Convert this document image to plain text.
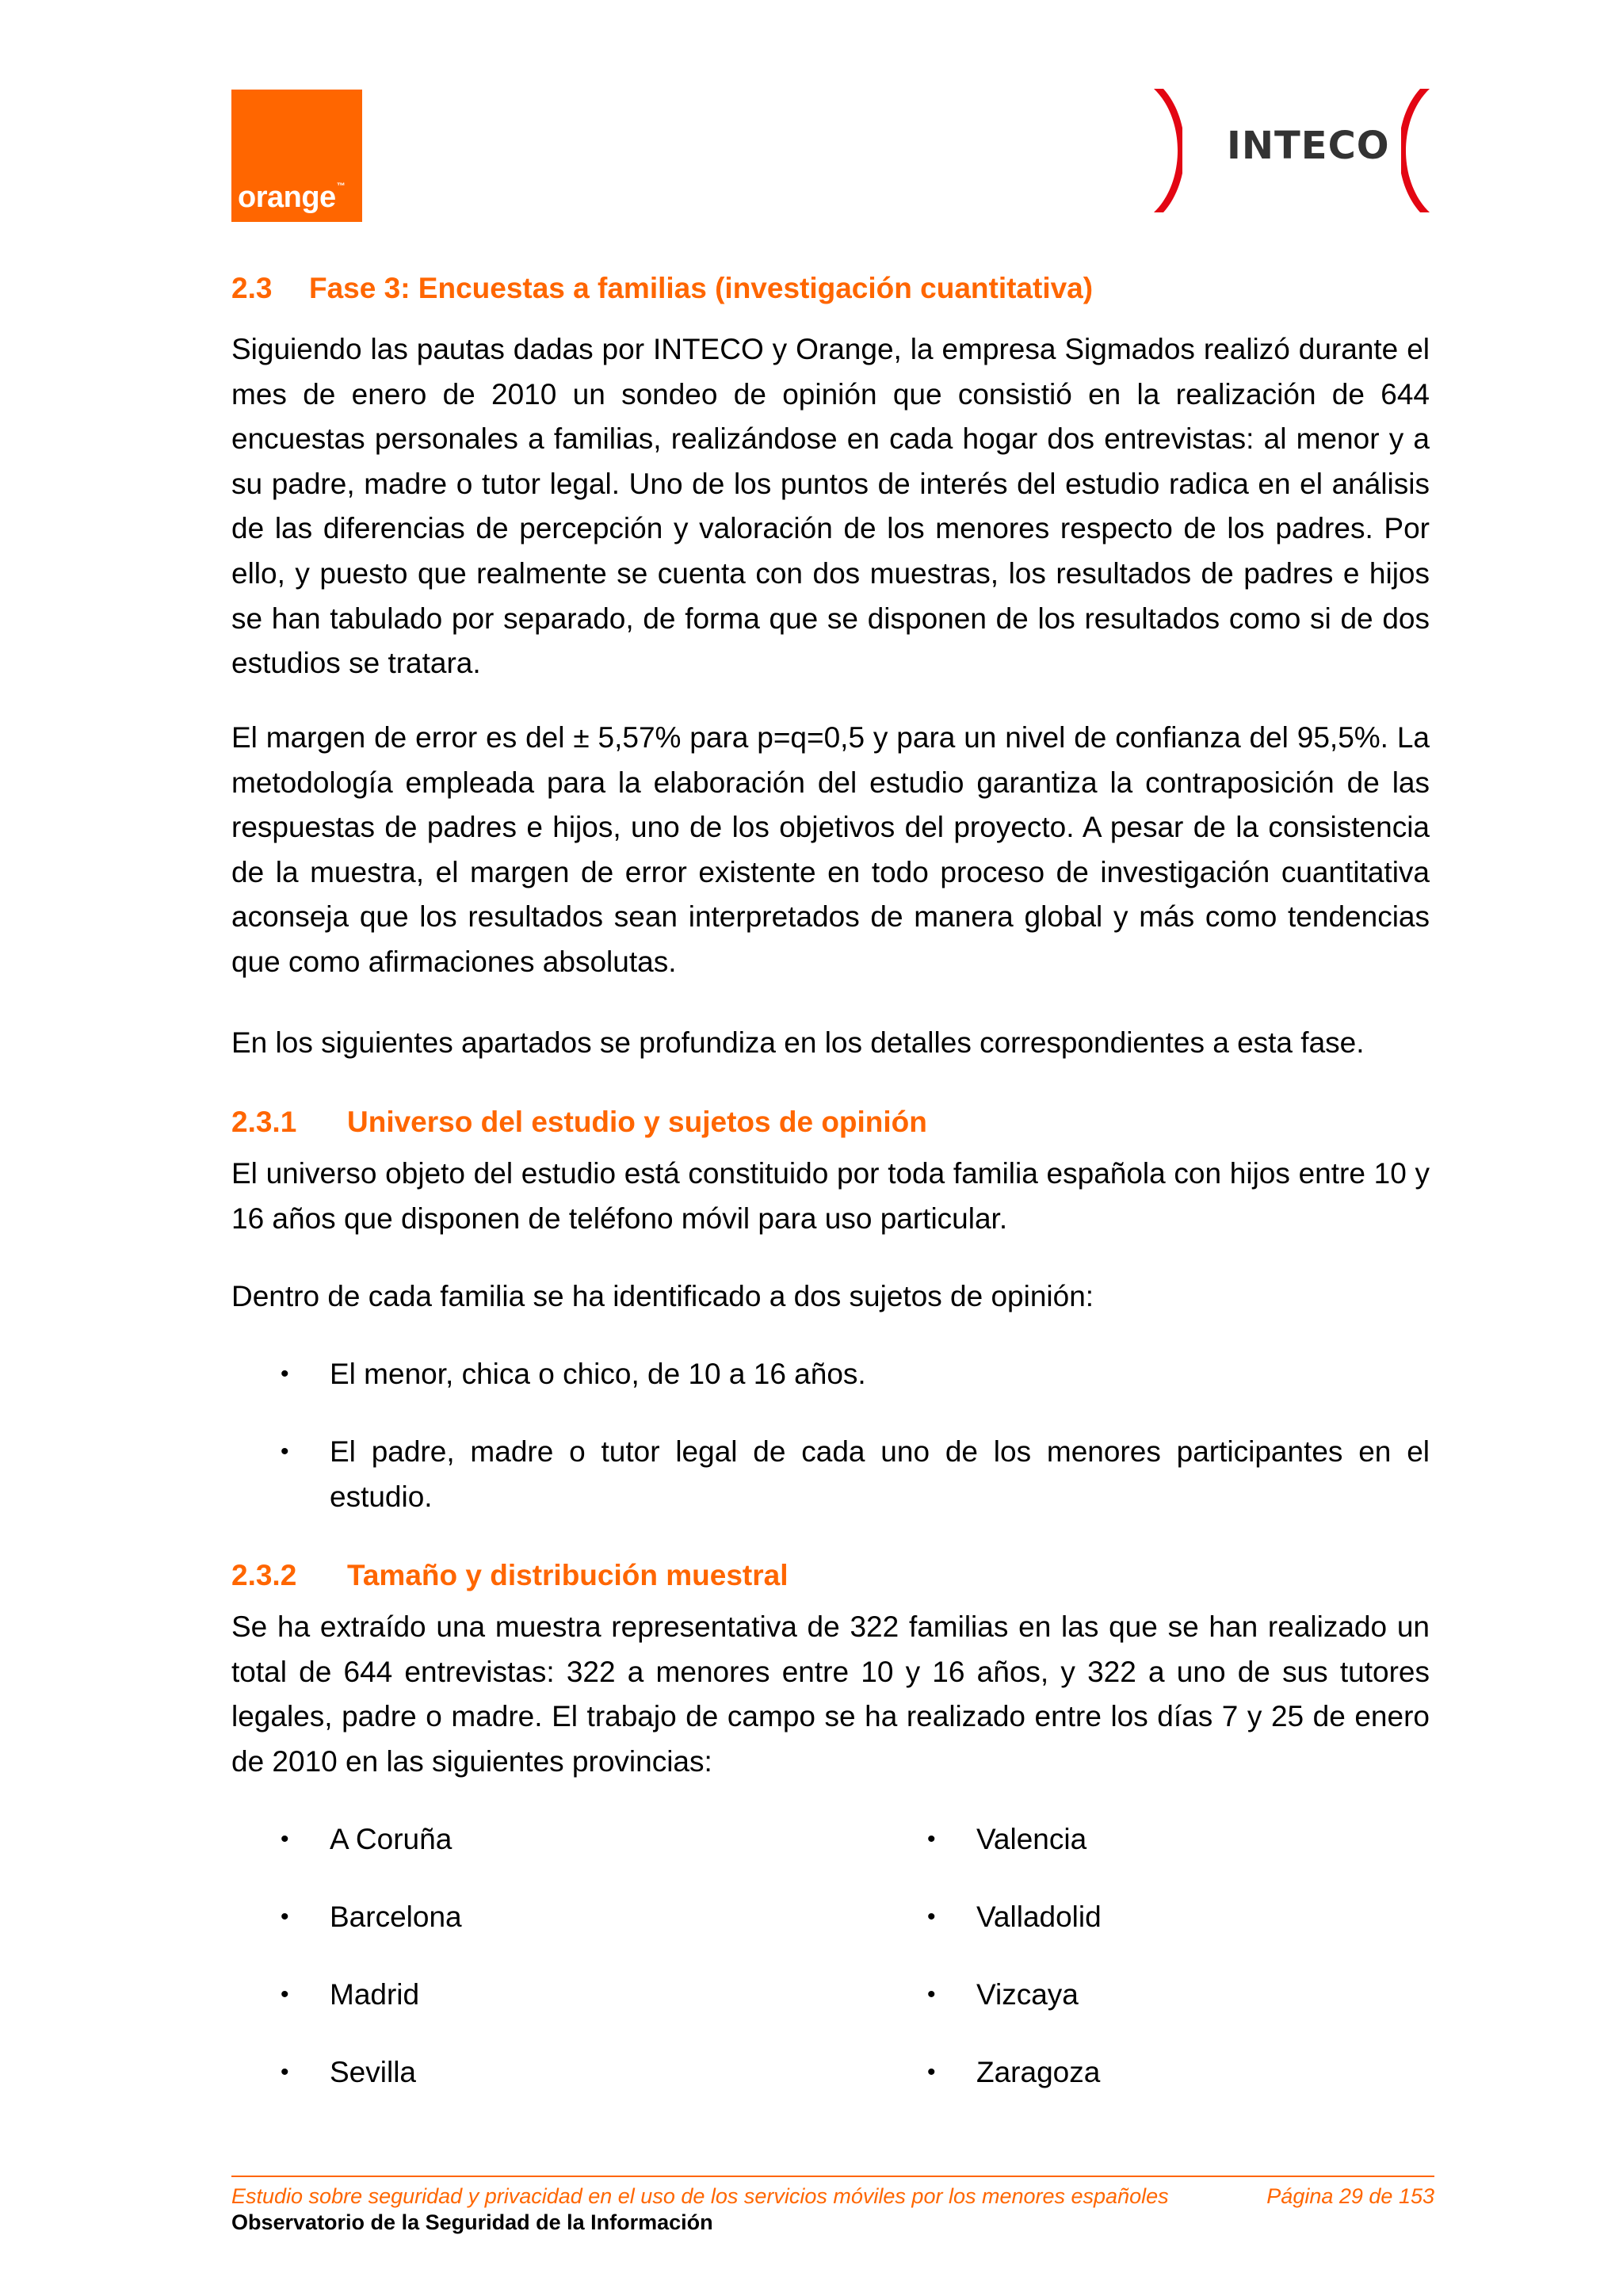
orange™
INTECO
2.3 Fase 3: Encuestas a familias (investigación cuantitativa)

Siguiendo las pautas dadas por INTECO y Orange, la empresa Sigmados realizó durante el mes de enero de 2010 un sondeo de opinión que consistió en la realización de 644 encuestas personales a familias, realizándose en cada hogar dos entrevistas: al menor y a su padre, madre o tutor legal. Uno de los puntos de interés del estudio radica en el análisis de las diferencias de percepción y valoración de los menores respecto de los padres. Por ello, y puesto que realmente se cuenta con dos muestras, los resultados de padres e hijos se han tabulado por separado, de forma que se disponen de los resultados como si de dos estudios se tratara.

El margen de error es del ± 5,57% para p=q=0,5 y para un nivel de confianza del 95,5%. La metodología empleada para la elaboración del estudio garantiza la contraposición de las respuestas de padres e hijos, uno de los objetivos del proyecto. A pesar de la consistencia de la muestra, el margen de error existente en todo proceso de investigación cuantitativa aconseja que los resultados sean interpretados de manera global y más como tendencias que como afirmaciones absolutas.

En los siguientes apartados se profundiza en los detalles correspondientes a esta fase.

2.3.1 Universo del estudio y sujetos de opinión

El universo objeto del estudio está constituido por toda familia española con hijos entre 10 y 16 años que disponen de teléfono móvil para uso particular.

Dentro de cada familia se ha identificado a dos sujetos de opinión:

•	El menor, chica o chico, de 10 a 16 años.
•	El padre, madre o tutor legal de cada uno de los menores participantes en el estudio.
2.3.2 Tamaño y distribución muestral

Se ha extraído una muestra representativa de 322 familias en las que se han realizado un total de 644 entrevistas: 322 a menores entre 10 y 16 años, y 322 a uno de sus tutores legales, padre o madre. El trabajo de campo se ha realizado entre los días 7 y 25 de enero de 2010 en las siguientes provincias:

•	A Coruña
•	Barcelona
•	Madrid
•	Sevilla
•	Valencia
•	Valladolid
•	Vizcaya
•	Zaragoza
Estudio sobre seguridad y privacidad en el uso de los servicios móviles por los menores españoles	Página 29 de 153
Observatorio de la Seguridad de la Información
